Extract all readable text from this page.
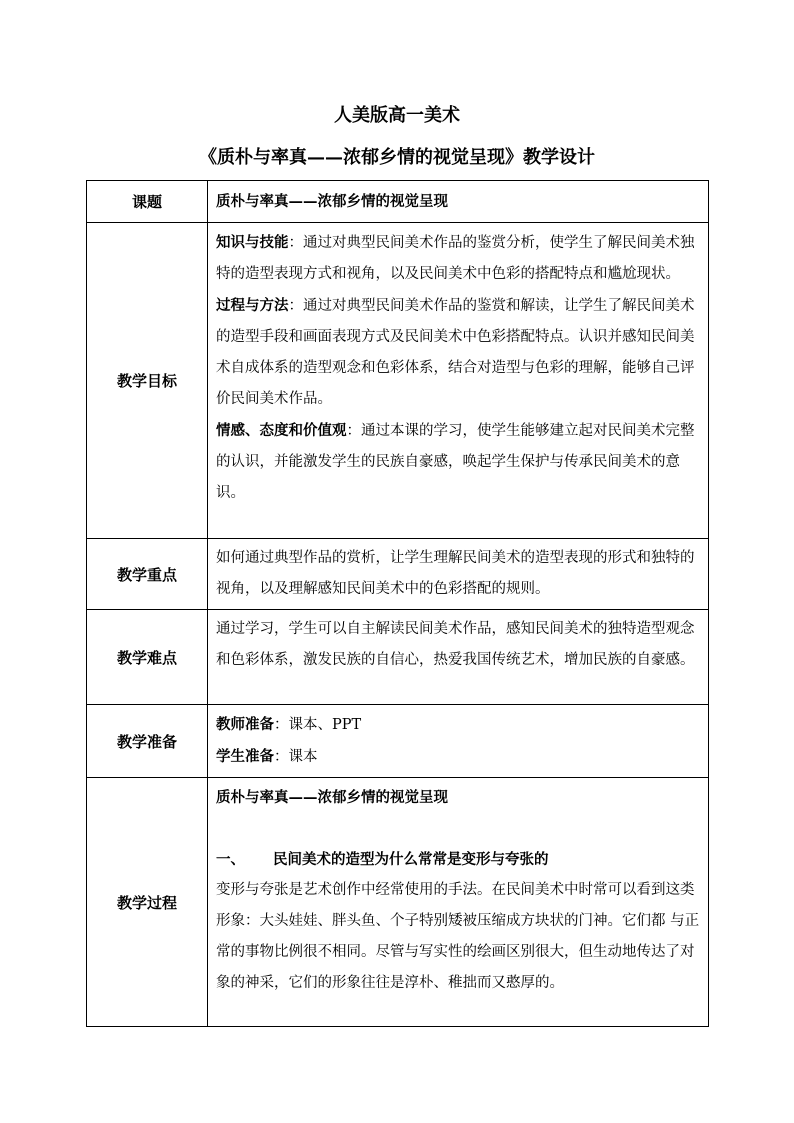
人美版高一美术
《质朴与率真——浓郁乡情的视觉呈现》教学设计
课题	质朴与率真——浓郁乡情的视觉呈现
教学目标	知识与技能：通过对典型民间美术作品的鉴赏分析，使学生了解民间美术独特的造型表现方式和视角，以及民间美术中色彩的搭配特点和尴尬现状。
过程与方法：通过对典型民间美术作品的鉴赏和解读，让学生了解民间美术的造型手段和画面表现方式及民间美术中色彩搭配特点。认识并感知民间美术自成体系的造型观念和色彩体系，结合对造型与色彩的理解，能够自己评价民间美术作品。
情感、态度和价值观：通过本课的学习，使学生能够建立起对民间美术完整的认识，并能激发学生的民族自豪感，唤起学生保护与传承民间美术的意识。

教学重点	如何通过典型作品的赏析，让学生理解民间美术的造型表现的形式和独特的视角，以及理解感知民间美术中的色彩搭配的规则。
教学难点	通过学习，学生可以自主解读民间美术作品，感知民间美术的独特造型观念和色彩体系，激发民族的自信心，热爱我国传统艺术，增加民族的自豪感。
教学准备	教师准备：课本、PPT
学生准备：课本

教学过程	质朴与率真——浓郁乡情的视觉呈现
一、 民间美术的造型为什么常常是变形与夸张的
变形与夸张是艺术创作中经常使用的手法。在民间美术中时常可以看到这类形象：大头娃娃、胖头鱼、个子特别矮被压缩成方块状的门神。它们都 与正常的事物比例很不相同。尽管与写实性的绘画区别很大，但生动地传达了对象的神采，它们的形象往往是淳朴、稚拙而又憨厚的。
